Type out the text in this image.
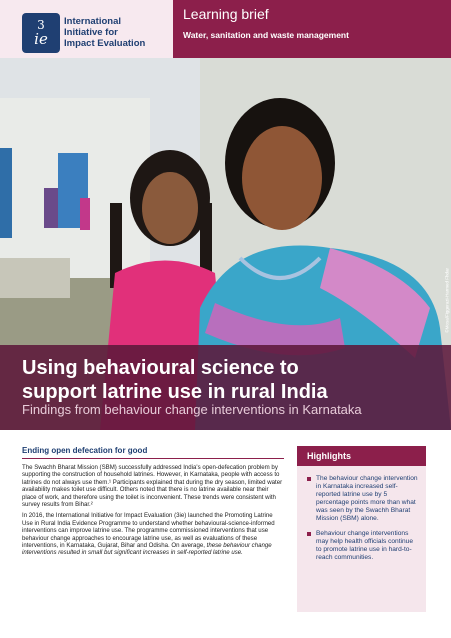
3
ie
International
Initiative for
Impact Evaluation
Learning brief
Water, sanitation and waste management
©Mosa/Figgerazi-Harmed Fhdar
Using behavioural science to
support latrine use in rural India
Findings from behaviour change interventions in Karnataka
Ending open defecation for good

The Swachh Bharat Mission (SBM) successfully addressed India's open-defecation problem by supporting the construction of household latrines. However, in Karnataka, people with access to latrines do not always use them.¹ Participants explained that during the dry season, limited water availability makes toilet use difficult. Others noted that there is no latrine available near their place of work, and therefore using the toilet is inconvenient. These trends were consistent with survey results from Bihar.²

In 2016, the International Initiative for Impact Evaluation (3ie) launched the Promoting Latrine Use in Rural India Evidence Programme to understand whether behavioural-science-informed interventions can improve latrine use. The programme commissioned interventions that use behaviour change approaches to encourage latrine use, as well as evaluations of these interventions, in Karnataka, Gujarat, Bihar and Odisha. On average, these behaviour change interventions resulted in small but significant increases in self-reported latrine use.

Highlights
The behaviour change intervention in Karnataka increased self-reported latrine use by 5 percentage points more than what was seen by the Swachh Bharat Mission (SBM) alone.
Behaviour change interventions may help health officials continue to promote latrine use in hard-to-reach communities.
